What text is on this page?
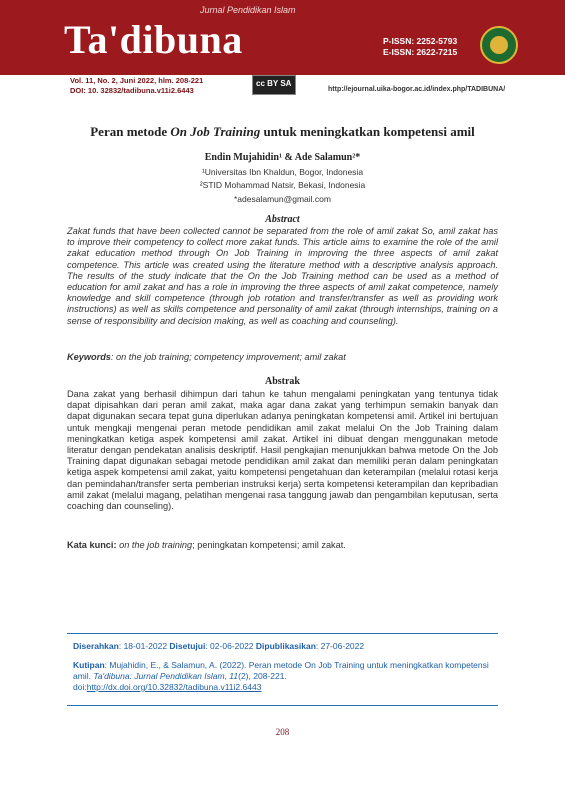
Ta'dibuna
Jurnal Pendidikan Islam
P-ISSN: 2252-5793
E-ISSN: 2622-7215
Vol. 11, No. 2, Juni 2022, hlm. 208-221
DOI: 10. 32832/tadibuna.v11i2.6443
cc BY SA
http://ejournal.uika-bogor.ac.id/index.php/TADIBUNA/
Peran metode On Job Training untuk meningkatkan kompetensi amil
Endin Mujahidin¹ & Ade Salamun²*
¹Universitas Ibn Khaldun, Bogor, Indonesia
²STID Mohammad Natsir, Bekasi, Indonesia
*adesalamun@gmail.com
Abstract
Zakat funds that have been collected cannot be separated from the role of amil zakat So, amil zakat has to improve their competency to collect more zakat funds. This article aims to examine the role of the amil zakat education method through On Job Training in improving the three aspects of amil zakat competence. This article was created using the literature method with a descriptive analysis approach. The results of the study indicate that the On the Job Training method can be used as a method of education for amil zakat and has a role in improving the three aspects of amil zakat competence, namely knowledge and skill competence (through job rotation and transfer/transfer as well as providing work instructions) as well as skills competence and personality of amil zakat (through internships, training on a sense of responsibility and decision making, as well as coaching and counseling).
Keywords: on the job training; competency improvement; amil zakat
Abstrak
Dana zakat yang berhasil dihimpun dari tahun ke tahun mengalami peningkatan yang tentunya tidak dapat dipisahkan dari peran amil zakat, maka agar dana zakat yang terhimpun semakin banyak dan dapat digunakan secara tepat guna diperlukan adanya peningkatan kompetensi amil. Artikel ini bertujuan untuk mengkaji mengenai peran metode pendidikan amil zakat melalui On the Job Training dalam meningkatkan ketiga aspek kompetensi amil zakat. Artikel ini dibuat dengan menggunakan metode literatur dengan pendekatan analisis deskriptif. Hasil pengkajian menunjukkan bahwa metode On the Job Training dapat digunakan sebagai metode pendidikan amil zakat dan memiliki peran dalam peningkatan ketiga aspek kompetensi amil zakat, yaitu kompetensi pengetahuan dan keterampilan (melalui rotasi kerja dan pemindahan/transfer serta pemberian instruksi kerja) serta kompetensi keterampilan dan kepribadian amil zakat (melalui magang, pelatihan mengenai rasa tanggung jawab dan pengambilan keputusan, serta coaching dan counseling).
Kata kunci: on the job training; peningkatan kompetensi; amil zakat.
Diserahkan: 18-01-2022 Disetujui: 02-06-2022 Dipublikasikan: 27-06-2022
Kutipan: Mujahidin, E., & Salamun, A. (2022). Peran metode On Job Training untuk meningkatkan kompetensi amil. Ta'dibuna: Jurnal Pendidikan Islam, 11(2), 208-221.
doi:http://dx.doi.org/10.32832/tadibuna.v11i2.6443
208
